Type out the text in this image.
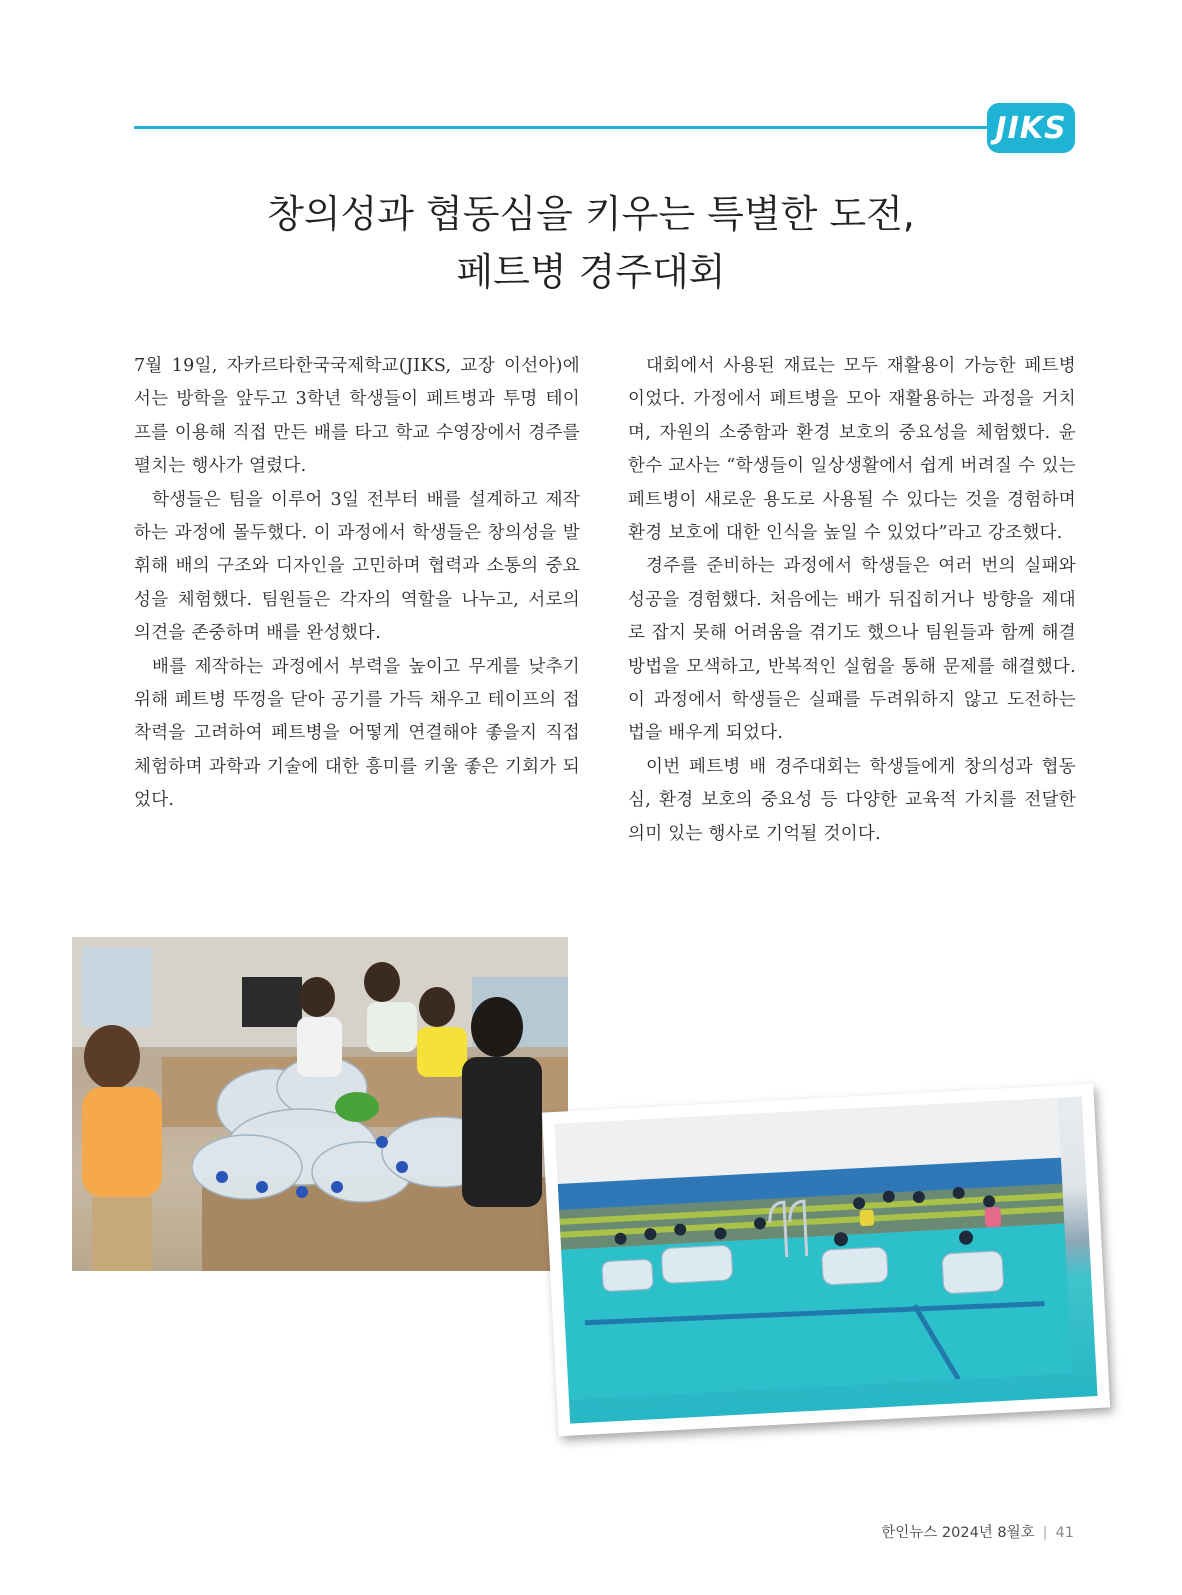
JIKS
창의성과 협동심을 키우는 특별한 도전,
페트병 경주대회

7월 19일, 자카르타한국국제학교(JIKS, 교장 이선아)에서는 방학을 앞두고 3학년 학생들이 페트병과 투명 테이프를 이용해 직접 만든 배를 타고 학교 수영장에서 경주를 펼치는 행사가 열렸다.

학생들은 팀을 이루어 3일 전부터 배를 설계하고 제작하는 과정에 몰두했다. 이 과정에서 학생들은 창의성을 발휘해 배의 구조와 디자인을 고민하며 협력과 소통의 중요성을 체험했다. 팀원들은 각자의 역할을 나누고, 서로의 의견을 존중하며 배를 완성했다.

배를 제작하는 과정에서 부력을 높이고 무게를 낮추기 위해 페트병 뚜껑을 닫아 공기를 가득 채우고 테이프의 접착력을 고려하여 페트병을 어떻게 연결해야 좋을지 직접 체험하며 과학과 기술에 대한 흥미를 키울 좋은 기회가 되었다.

대회에서 사용된 재료는 모두 재활용이 가능한 페트병이었다. 가정에서 페트병을 모아 재활용하는 과정을 거치며, 자원의 소중함과 환경 보호의 중요성을 체험했다. 윤한수 교사는 “학생들이 일상생활에서 쉽게 버려질 수 있는 페트병이 새로운 용도로 사용될 수 있다는 것을 경험하며 환경 보호에 대한 인식을 높일 수 있었다”라고 강조했다.

경주를 준비하는 과정에서 학생들은 여러 번의 실패와 성공을 경험했다. 처음에는 배가 뒤집히거나 방향을 제대로 잡지 못해 어려움을 겪기도 했으나 팀원들과 함께 해결 방법을 모색하고, 반복적인 실험을 통해 문제를 해결했다. 이 과정에서 학생들은 실패를 두려워하지 않고 도전하는 법을 배우게 되었다.

이번 페트병 배 경주대회는 학생들에게 창의성과 협동심, 환경 보호의 중요성 등 다양한 교육적 가치를 전달한 의미 있는 행사로 기억될 것이다.

한인뉴스 2024년 8월호 | 41
